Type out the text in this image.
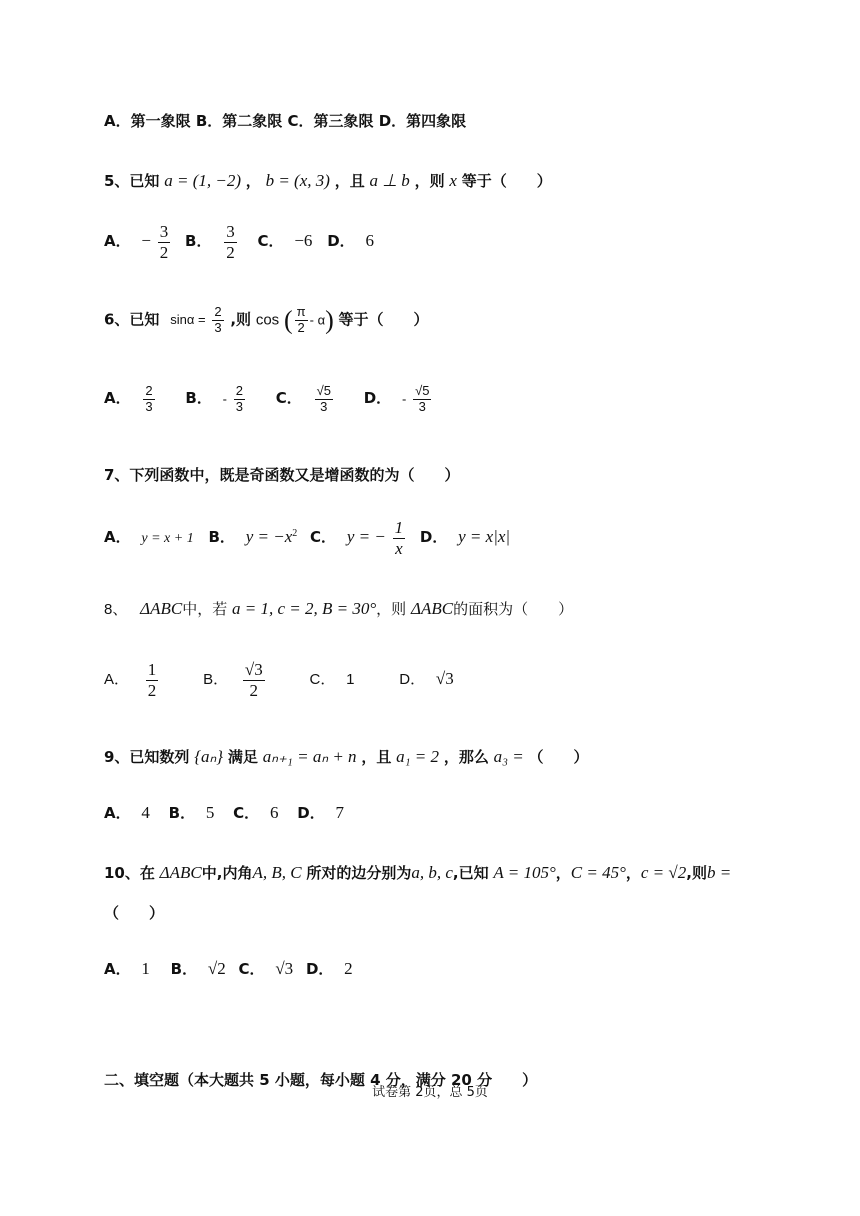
A．第一象限 B．第二象限 C．第三象限 D．第四象限
5、已知 a = (1, −2) ， b = (x, 3) ，且 a ⊥ b ，则 x 等于（　　）
A． − $\frac{3}{2}$ B． $\frac{3}{2}$ C． −6 D． 6
6、已知 $\sin\alpha = \frac{2}{3}$ ,则 cos ( $\frac{\pi}{2} - \alpha$) 等于（　　）
A． $\frac{2}{3}$ B． - $\frac{2}{3}$ C． $\frac{√5}{3}$ D． - $\frac{√5}{3}$
7、下列函数中，既是奇函数又是增函数的为（　　）
A． y = x + 1 B． $y = -x^2$ C． y = − $\frac{1}{x}$ D． y = x|x|
8、 ΔABC中，若 a = 1, c = 2, B = 30°，则 ΔABC的面积为（　　）
A． $\frac{1}{2}$	B． $\frac{√3}{2}$	C． 1	D． √3
9、已知数列 {aₙ} 满足 aₙ₊₁ = aₙ + n ，且 a₁ = 2 ，那么 a₃ = （　　）
A． 4 B． 5 C． 6 D． 7
10、在 ΔABC中,内角A, B, C 所对的边分别为a, b, c,已知 A = 105°，C = 45°，c = √2,则b =
（　　）
A． 1 B． √2 C． √3 D． 2
二、填空题（本大题共 5 小题，每小题 4 分，满分 20 分　　）
试卷第 2页，总 5页
